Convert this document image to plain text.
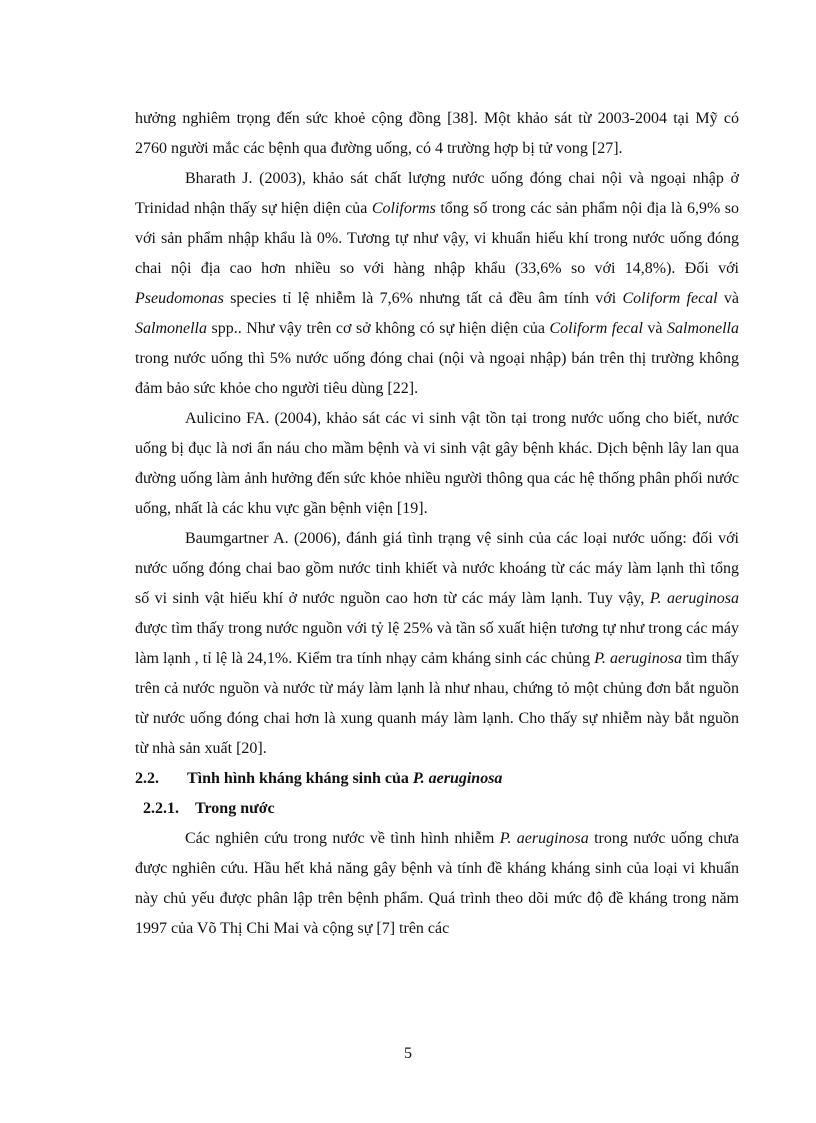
hưởng nghiêm trọng đến sức khoẻ cộng đồng [38]. Một khảo sát từ 2003-2004 tại Mỹ có 2760 người mắc các bệnh qua đường uống, có 4 trường hợp bị tử vong [27].

Bharath J. (2003), khảo sát chất lượng nước uống đóng chai nội và ngoại nhập ở Trinidad nhận thấy sự hiện diện của Coliforms tổng số trong các sản phẩm nội địa là 6,9% so với sản phẩm nhập khẩu là 0%. Tương tự như vậy, vi khuẩn hiếu khí trong nước uống đóng chai nội địa cao hơn nhiều so với hàng nhập khẩu (33,6% so với 14,8%). Đối với Pseudomonas species tỉ lệ nhiễm là 7,6% nhưng tất cả đều âm tính với Coliform fecal và Salmonella spp.. Như vậy trên cơ sở không có sự hiện diện của Coliform fecal và Salmonella trong nước uống thì 5% nước uống đóng chai (nội và ngoại nhập) bán trên thị trường không đảm bảo sức khỏe cho người tiêu dùng [22].

Aulicino FA. (2004), khảo sát các vi sinh vật tồn tại trong nước uống cho biết, nước uống bị đục là nơi ẩn náu cho mầm bệnh và vi sinh vật gây bệnh khác. Dịch bệnh lây lan qua đường uống làm ảnh hưởng đến sức khỏe nhiều người thông qua các hệ thống phân phối nước uống, nhất là các khu vực gần bệnh viện [19].

Baumgartner A. (2006), đánh giá tình trạng vệ sinh của các loại nước uống: đối với nước uống đóng chai bao gồm nước tinh khiết và nước khoáng từ các máy làm lạnh thì tổng số vi sinh vật hiếu khí ở nước nguồn cao hơn từ các máy làm lạnh. Tuy vậy, P. aeruginosa được tìm thấy trong nước nguồn với tỷ lệ 25% và tần số xuất hiện tương tự như trong các máy làm lạnh , tỉ lệ là 24,1%. Kiểm tra tính nhạy cảm kháng sinh các chủng P. aeruginosa tìm thấy trên cả nước nguồn và nước từ máy làm lạnh là như nhau, chứng tỏ một chủng đơn bắt nguồn từ nước uống đóng chai hơn là xung quanh máy làm lạnh. Cho thấy sự nhiễm này bắt nguồn từ nhà sản xuất [20].

2.2. Tình hình kháng kháng sinh của P. aeruginosa
2.2.1. Trong nước

Các nghiên cứu trong nước về tình hình nhiễm P. aeruginosa trong nước uống chưa được nghiên cứu. Hầu hết khả năng gây bệnh và tính đề kháng kháng sinh của loại vi khuẩn này chủ yếu được phân lập trên bệnh phẩm. Quá trình theo dõi mức độ đề kháng trong năm 1997 của Võ Thị Chi Mai và cộng sự [7] trên các

5
